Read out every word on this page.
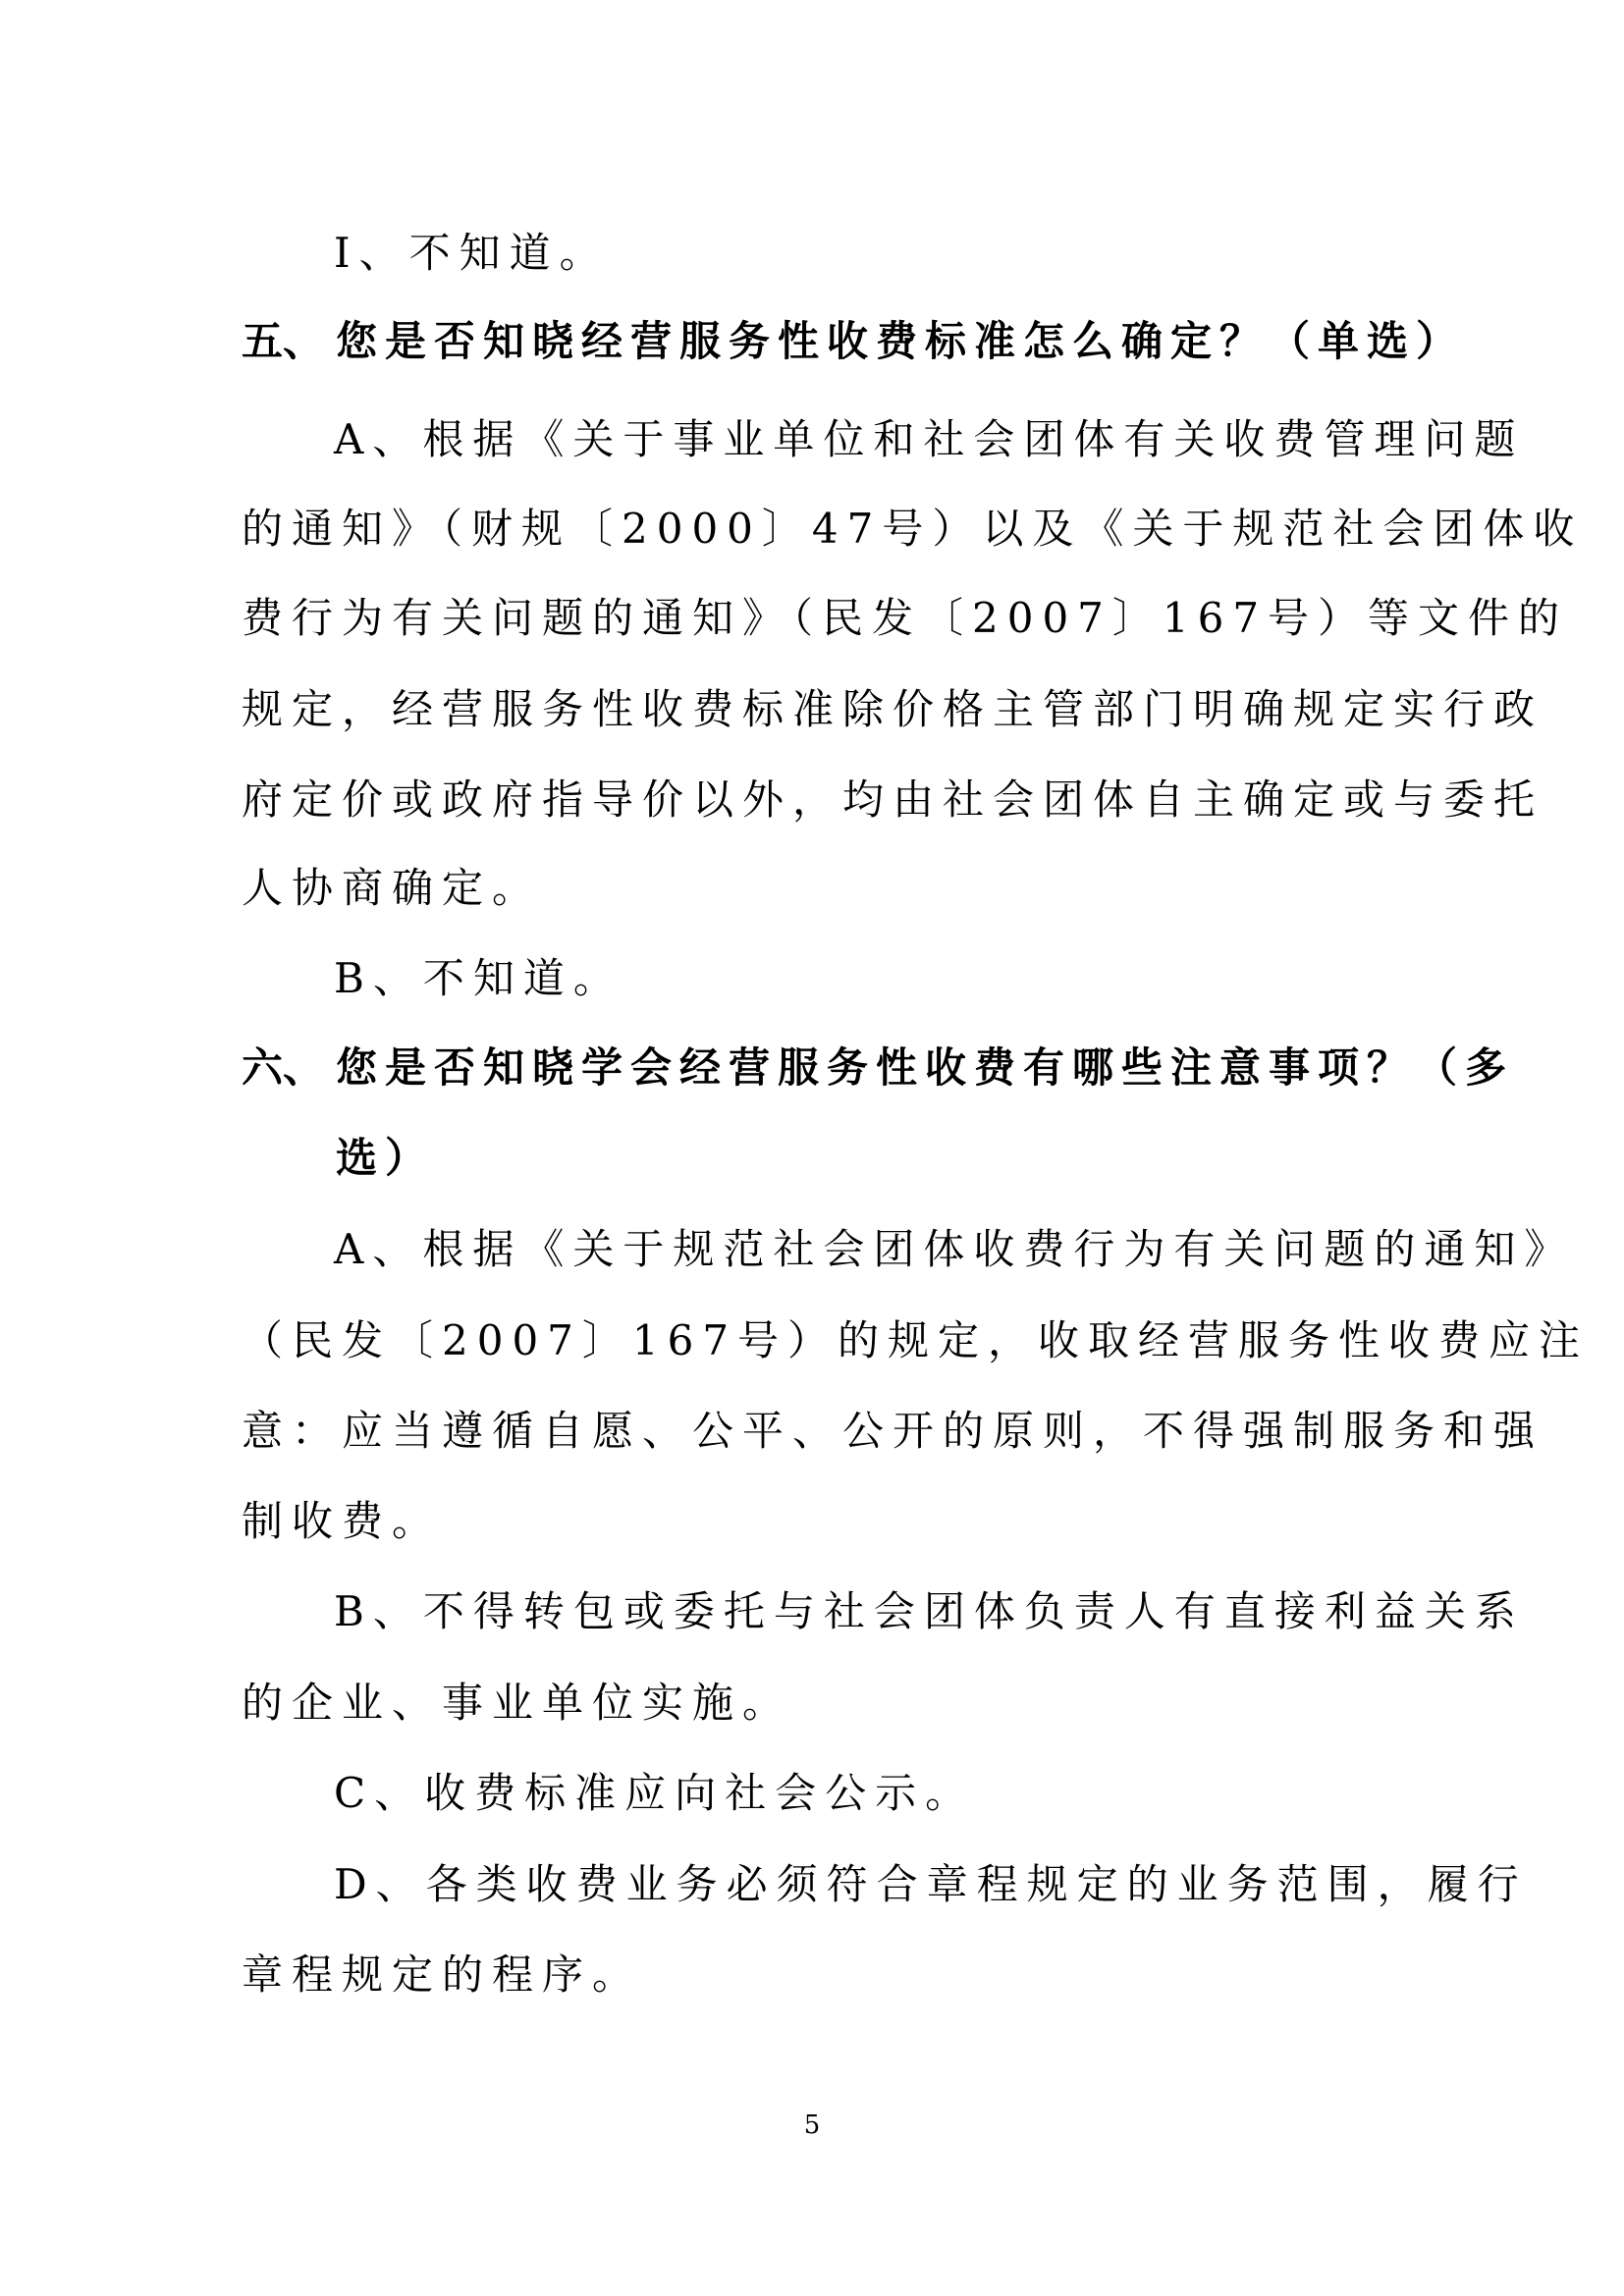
I、不知道。
五、 您是否知晓经营服务性收费标准怎么确定？（单选）
A、根据《关于事业单位和社会团体有关收费管理问题
的通知》（财规〔2000〕47号）以及《关于规范社会团体收
费行为有关问题的通知》（民发〔2007〕167号）等文件的
规定，经营服务性收费标准除价格主管部门明确规定实行政
府定价或政府指导价以外，均由社会团体自主确定或与委托
人协商确定。
B、不知道。
六、 您是否知晓学会经营服务性收费有哪些注意事项？（多
选）
A、根据《关于规范社会团体收费行为有关问题的通知》
（民发〔2007〕167号）的规定，收取经营服务性收费应注
意：应当遵循自愿、公平、公开的原则，不得强制服务和强
制收费。
B、不得转包或委托与社会团体负责人有直接利益关系
的企业、事业单位实施。
C、收费标准应向社会公示。
D、各类收费业务必须符合章程规定的业务范围，履行
章程规定的程序。
5
